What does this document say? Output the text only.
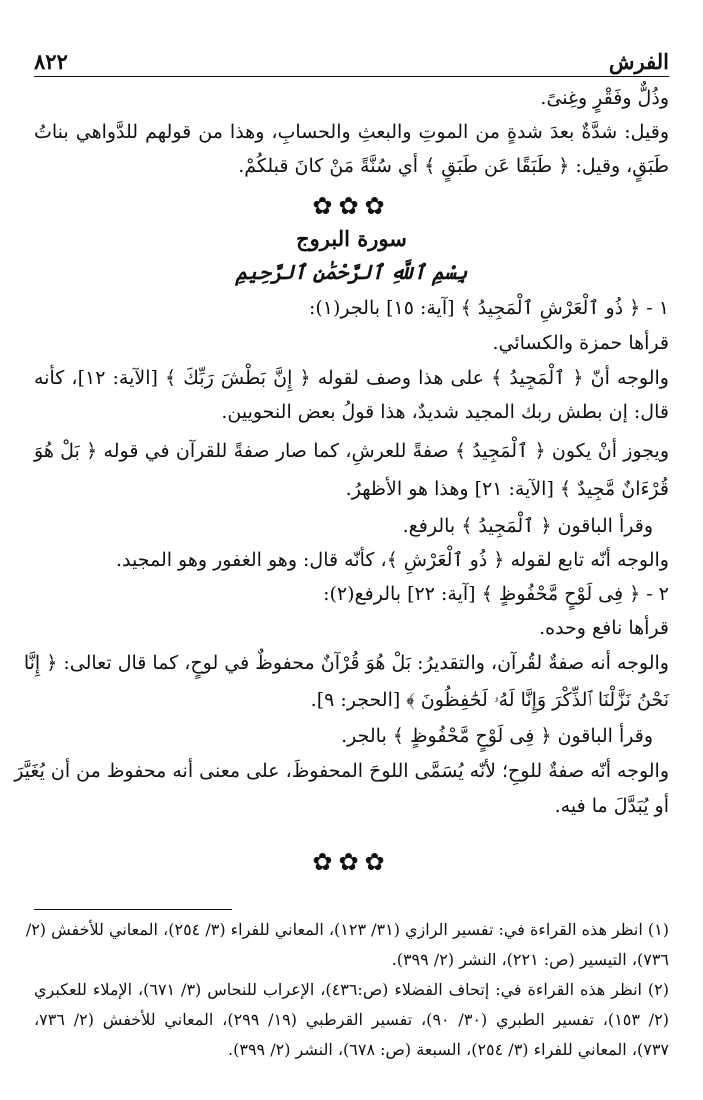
الفرش
٨٢٢
وذُلٌّ وفَقْرٍ وغِنىً.
وقيل: شدَّةٌ بعدَ شدةٍ من الموتِ والبعثِ والحسابِ، وهذا من قولهم للدَّواهي بناتُ
طَبَقٍ، وقيل: ﴿ طَبَقًا عَن طَبَقٍ ﴾ أي سُنَّةً مَنْ كانَ قبلكُمْ.
✿✿✿
سورة البروج
بِسْمِ ٱللَّهِ ٱلرَّحْمَٰنِ ٱلرَّحِيمِ
١ - ﴿ ذُو ٱلْعَرْشِ ٱلْمَجِيدُ ﴾ [آية: ١٥] بالجر(١):
قرأها حمزة والكسائي.
والوجه أنّ ﴿ ٱلْمَجِيدُ ﴾ على هذا وصف لقوله ﴿ إِنَّ بَطْشَ رَبِّكَ ﴾ [الآية: ١٢]، كأنه
قال: إن بطش ربك المجيد شديدٌ، هذا قولُ بعض النحويين.
ويجوز أنْ يكون ﴿ ٱلْمَجِيدُ ﴾ صفةً للعرشِ، كما صار صفةً للقرآن في قوله ﴿ بَلْ هُوَ
قُرْءَانٌ مَّجِيدٌ ﴾ [الآية: ٢١] وهذا هو الأظهرُ.
وقرأ الباقون ﴿ ٱلْمَجِيدُ ﴾ بالرفع.
والوجه أنّه تابع لقوله ﴿ ذُو ٱلْعَرْشِ ﴾، كأنّه قال: وهو الغفور وهو المجيد.
٢ - ﴿ فِى لَوْحٍ مَّحْفُوظٍ ﴾ [آية: ٢٢] بالرفع(٢):
قرأها نافع وحده.
والوجه أنه صفةٌ لقُرآن، والتقديرُ: بَلْ هُوَ قُرْآنٌ محفوظٌ في لوحٍ، كما قال تعالى: ﴿ إِنَّا
نَحْنُ نَزَّلْنَا ٱلذِّكْرَ وَإِنَّا لَهُۥ لَحَٰفِظُونَ ﴾ [الحجر: ٩].
وقرأ الباقون ﴿ فِى لَوْحٍ مَّحْفُوظٍ ﴾ بالجر.
والوجه أنّه صفةٌ للوحِ؛ لأنّه يُسَمَّى اللوحَ المحفوظَ، على معنى أنه محفوظ من أن يُغَيَّرَ
أو يُبَدَّلَ ما فيه.
✿✿✿
(١) انظر هذه القراءة في: تفسير الرازي (٣١/ ١٢٣)، المعاني للفراء (٣/ ٢٥٤)، المعاني للأخفش (٢/
٧٣٦)، التيسير (ص: ٢٢١)، النشر (٢/ ٣٩٩).
(٢) انظر هذه القراءة في: إتحاف الفضلاء (ص:٤٣٦)، الإعراب للنحاس (٣/ ٦٧١)، الإملاء للعكبري
(٢/ ١٥٣)، تفسير الطبري (٣٠/ ٩٠)، تفسير القرطبي (١٩/ ٢٩٩)، المعاني للأخفش (٢/ ٧٣٦،
٧٣٧)، المعاني للفراء (٣/ ٢٥٤)، السبعة (ص: ٦٧٨)، النشر (٢/ ٣٩٩).
